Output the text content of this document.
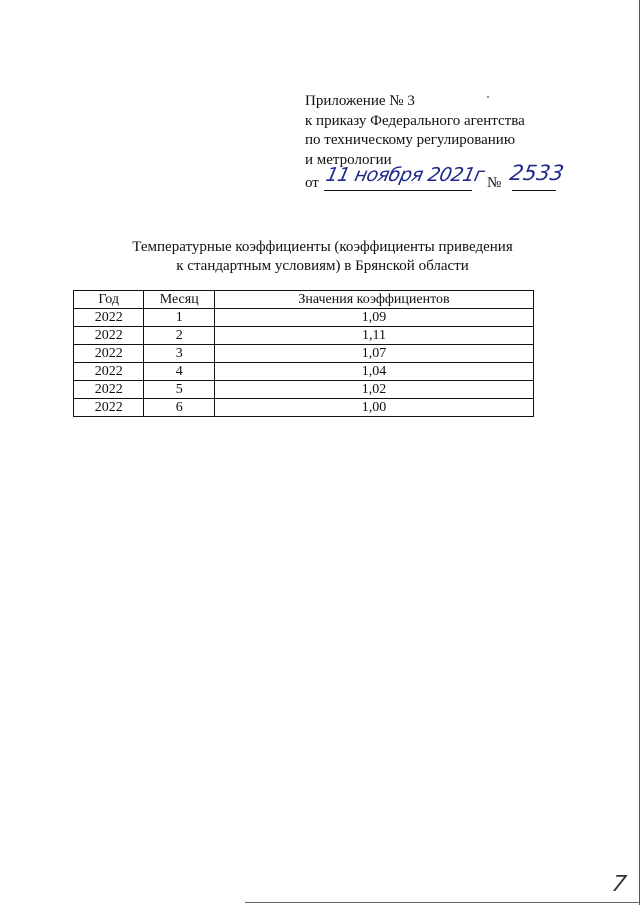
Приложение № 3
к приказу Федерального агентства
по техническому регулированию
и метрологии
от 11 ноября 2021г № 2533
Температурные коэффициенты (коэффициенты приведения
к стандартным условиям) в Брянской области
Год	Месяц	Значения коэффициентов
2022	1	1,09
2022	2	1,11
2022	3	1,07
2022	4	1,04
2022	5	1,02
2022	6	1,00
7
